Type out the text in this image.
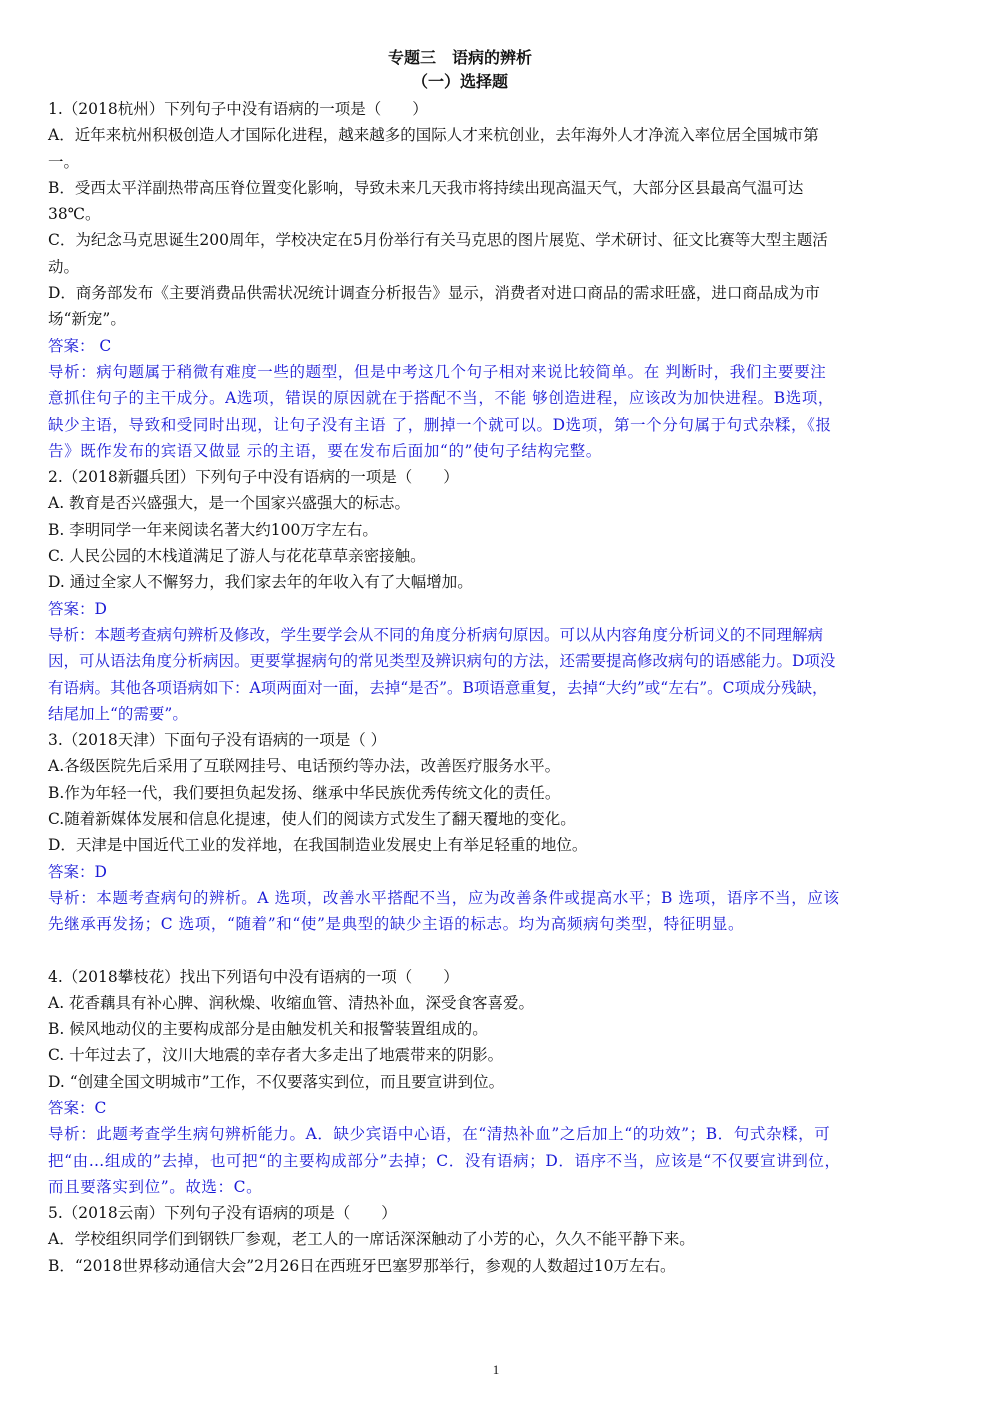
专题三　语病的辨析
（一）选择题
1.（2018杭州）下列句子中没有语病的一项是（　　）
A．近年来杭州积极创造人才国际化进程，越来越多的国际人才来杭创业，去年海外人才净流入率位居全国城市第一。
B．受西太平洋副热带高压脊位置变化影响，导致未来几天我市将持续出现高温天气，大部分区县最高气温可达38℃。
C．为纪念马克思诞生200周年，学校决定在5月份举行有关马克思的图片展览、学术研讨、征文比赛等大型主题活动。
D．商务部发布《主要消费品供需状况统计调查分析报告》显示，消费者对进口商品的需求旺盛，进口商品成为市场“新宠”。
答案： C
导析：病句题属于稍微有难度一些的题型，但是中考这几个句子相对来说比较简单。在 判断时，我们主要要注意抓住句子的主干成分。A选项，错误的原因就在于搭配不当，不能 够创造进程，应该改为加快进程。B选项，缺少主语，导致和受同时出现，让句子没有主语 了，删掉一个就可以。D选项，第一个分句属于句式杂糅，《报告》既作发布的宾语又做显 示的主语，要在发布后面加“的”使句子结构完整。
2.（2018新疆兵团）下列句子中没有语病的一项是（　　）
A. 教育是否兴盛强大，是一个国家兴盛强大的标志。
B. 李明同学一年来阅读名著大约100万字左右。
C. 人民公园的木栈道满足了游人与花花草草亲密接触。
D. 通过全家人不懈努力，我们家去年的年收入有了大幅增加。
答案：D
导析：本题考查病句辨析及修改，学生要学会从不同的角度分析病句原因。可以从内容角度分析词义的不同理解病因，可从语法角度分析病因。更要掌握病句的常见类型及辨识病句的方法，还需要提高修改病句的语感能力。D项没有语病。其他各项语病如下：A项两面对一面，去掉“是否”。B项语意重复，去掉“大约”或“左右”。C项成分残缺，结尾加上“的需要”。
3.（2018天津）下面句子没有语病的一项是（ ）
A.各级医院先后采用了互联网挂号、电话预约等办法，改善医疗服务水平。
B.作为年轻一代，我们要担负起发扬、继承中华民族优秀传统文化的责任。
C.随着新媒体发展和信息化提速，使人们的阅读方式发生了翻天覆地的变化。
D．天津是中国近代工业的发祥地，在我国制造业发展史上有举足轻重的地位。
答案：D
导析：本题考查病句的辨析。A 选项，改善水平搭配不当，应为改善条件或提高水平；B 选项，语序不当，应该先继承再发扬；C 选项，“随着”和“使”是典型的缺少主语的标志。均为高频病句类型，特征明显。
4.（2018攀枝花）找出下列语句中没有语病的一项（　　）
A. 花香藕具有补心脾、润秋燥、收缩血管、清热补血，深受食客喜爱。
B. 候风地动仪的主要构成部分是由触发机关和报警装置组成的。
C. 十年过去了，汶川大地震的幸存者大多走出了地震带来的阴影。
D. “创建全国文明城市”工作，不仅要落实到位，而且要宣讲到位。
答案：C
导析：此题考查学生病句辨析能力。A．缺少宾语中心语，在“清热补血”之后加上“的功效”；B．句式杂糅，可把“由…组成的”去掉，也可把“的主要构成部分”去掉；C．没有语病；D．语序不当，应该是“不仅要宣讲到位，而且要落实到位”。故选：C。
5.（2018云南）下列句子没有语病的项是（　　）
A．学校组织同学们到钢铁厂参观，老工人的一席话深深触动了小芳的心，久久不能平静下来。
B．“2018世界移动通信大会”2月26日在西班牙巴塞罗那举行，参观的人数超过10万左右。
1
